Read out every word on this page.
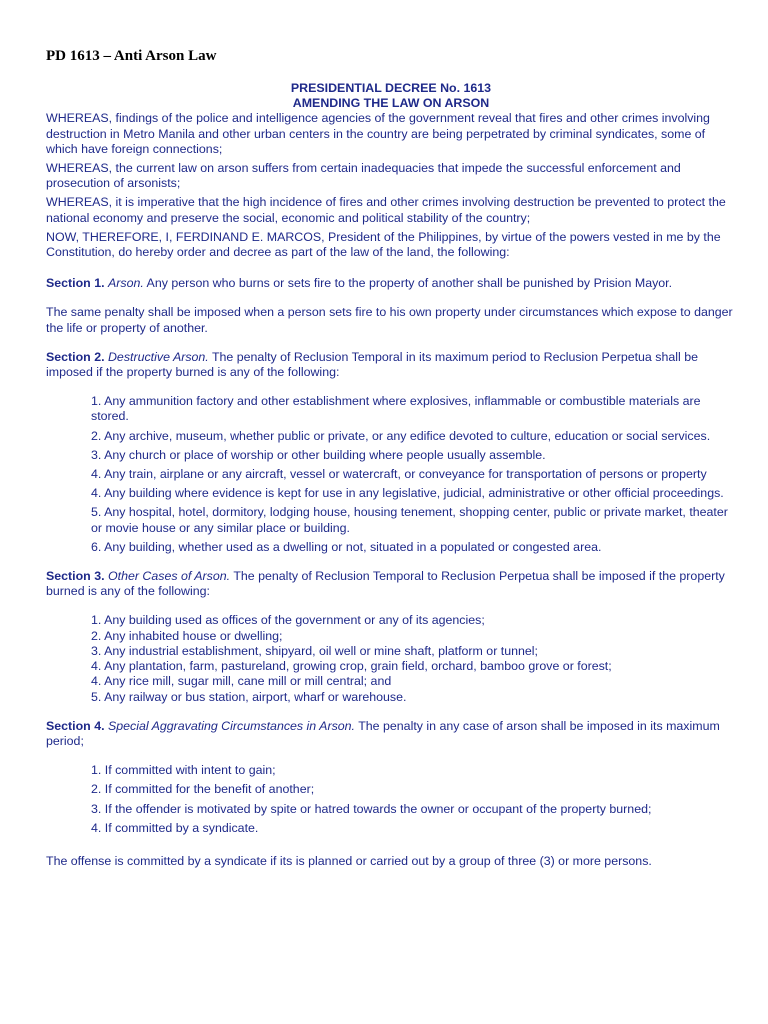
PD 1613 – Anti Arson Law

PRESIDENTIAL DECREE No. 1613

AMENDING THE LAW ON ARSON

WHEREAS, findings of the police and intelligence agencies of the government reveal that fires and other crimes involving destruction in Metro Manila and other urban centers in the country are being perpetrated by criminal syndicates, some of which have foreign connections;

WHEREAS, the current law on arson suffers from certain inadequacies that impede the successful enforcement and prosecution of arsonists;

WHEREAS, it is imperative that the high incidence of fires and other crimes involving destruction be prevented to protect the national economy and preserve the social, economic and political stability of the country;

NOW, THEREFORE, I, FERDINAND E. MARCOS, President of the Philippines, by virtue of the powers vested in me by the Constitution, do hereby order and decree as part of the law of the land, the following:

Section 1. Arson. Any person who burns or sets fire to the property of another shall be punished by Prision Mayor.

The same penalty shall be imposed when a person sets fire to his own property under circumstances which expose to danger the life or property of another.

Section 2. Destructive Arson. The penalty of Reclusion Temporal in its maximum period to Reclusion Perpetua shall be imposed if the property burned is any of the following:

1. Any ammunition factory and other establishment where explosives, inflammable or combustible materials are stored.
2. Any archive, museum, whether public or private, or any edifice devoted to culture, education or social services.
3. Any church or place of worship or other building where people usually assemble.
4. Any train, airplane or any aircraft, vessel or watercraft, or conveyance for transportation of persons or property
4. Any building where evidence is kept for use in any legislative, judicial, administrative or other official proceedings.
5. Any hospital, hotel, dormitory, lodging house, housing tenement, shopping center, public or private market, theater or movie house or any similar place or building.
6. Any building, whether used as a dwelling or not, situated in a populated or congested area.

Section 3. Other Cases of Arson. The penalty of Reclusion Temporal to Reclusion Perpetua shall be imposed if the property burned is any of the following:

1. Any building used as offices of the government or any of its agencies;
2. Any inhabited house or dwelling;
3. Any industrial establishment, shipyard, oil well or mine shaft, platform or tunnel;
4. Any plantation, farm, pastureland, growing crop, grain field, orchard, bamboo grove or forest;
4. Any rice mill, sugar mill, cane mill or mill central; and
5. Any railway or bus station, airport, wharf or warehouse.

Section 4. Special Aggravating Circumstances in Arson. The penalty in any case of arson shall be imposed in its maximum period;

1. If committed with intent to gain;
2. If committed for the benefit of another;
3. If the offender is motivated by spite or hatred towards the owner or occupant of the property burned;
4. If committed by a syndicate.

The offense is committed by a syndicate if its is planned or carried out by a group of three (3) or more persons.
